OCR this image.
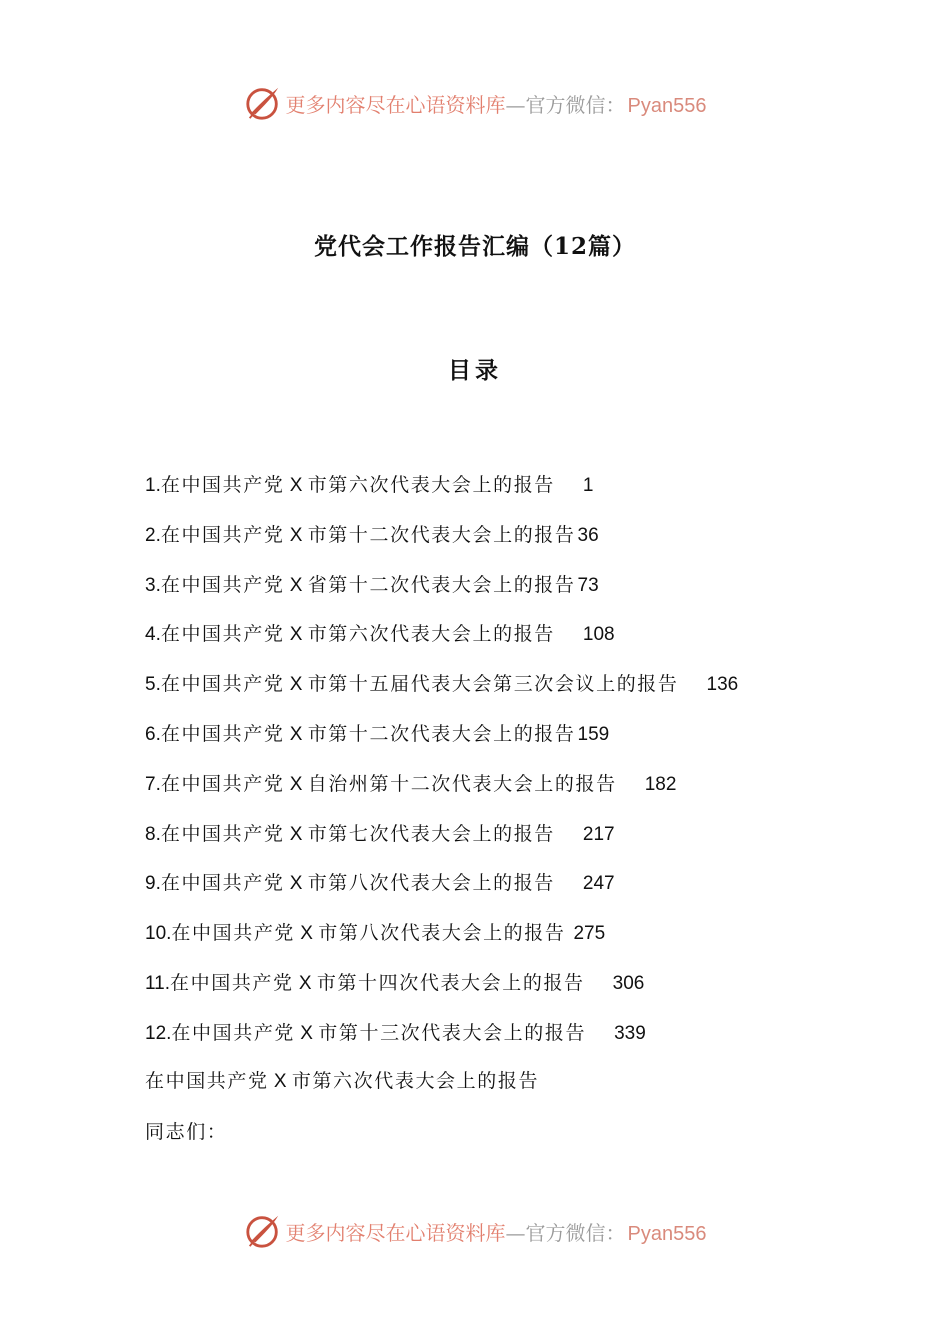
更多内容尽在心语资料库—官方微信： Pyan556
党代会工作报告汇编（12篇）
目录
1.在中国共产党 X 市第六次代表大会上的报告 1
2.在中国共产党 X 市第十二次代表大会上的报告 36
3.在中国共产党 X 省第十二次代表大会上的报告 73
4.在中国共产党 X 市第六次代表大会上的报告 108
5.在中国共产党 X 市第十五届代表大会第三次会议上的报告 136
6.在中国共产党 X 市第十二次代表大会上的报告 159
7.在中国共产党 X 自治州第十二次代表大会上的报告 182
8.在中国共产党 X 市第七次代表大会上的报告 217
9.在中国共产党 X 市第八次代表大会上的报告 247
10.在中国共产党 X 市第八次代表大会上的报告 275
11.在中国共产党 X 市第十四次代表大会上的报告 306
12.在中国共产党 X 市第十三次代表大会上的报告 339
在中国共产党 X 市第六次代表大会上的报告
同志们：
更多内容尽在心语资料库—官方微信： Pyan556
